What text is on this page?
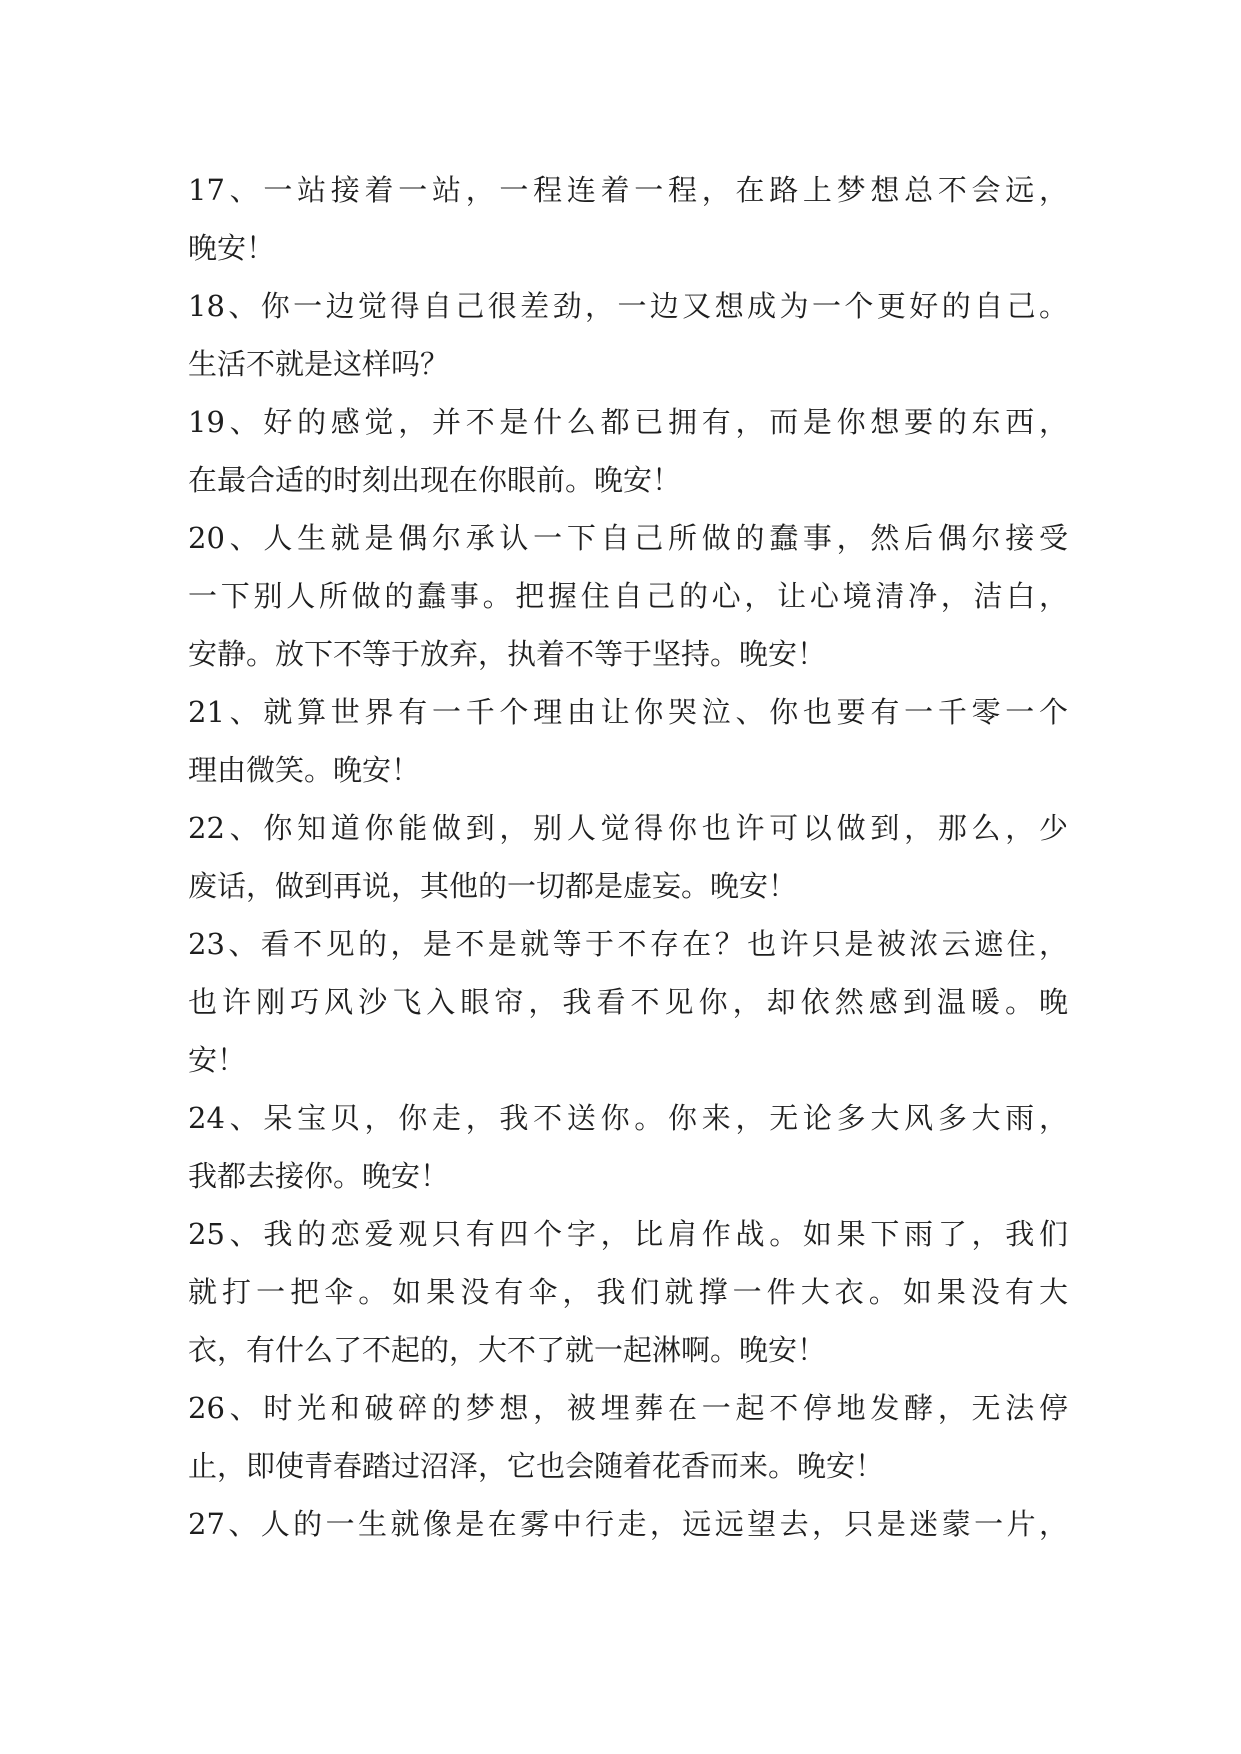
17、一站接着一站，一程连着一程，在路上梦想总不会远，
晚安！
18、你一边觉得自己很差劲，一边又想成为一个更好的自己。
生活不就是这样吗？
19、好的感觉，并不是什么都已拥有，而是你想要的东西，
在最合适的时刻出现在你眼前。晚安！
20、人生就是偶尔承认一下自己所做的蠢事，然后偶尔接受
一下别人所做的蠢事。把握住自己的心，让心境清净，洁白，
安静。放下不等于放弃，执着不等于坚持。晚安！
21、就算世界有一千个理由让你哭泣、你也要有一千零一个
理由微笑。晚安！
22、你知道你能做到，别人觉得你也许可以做到，那么，少
废话，做到再说，其他的一切都是虚妄。晚安！
23、看不见的，是不是就等于不存在？也许只是被浓云遮住，
也许刚巧风沙飞入眼帘，我看不见你，却依然感到温暖。晚
安！
24、呆宝贝，你走，我不送你。你来，无论多大风多大雨，
我都去接你。晚安！
25、我的恋爱观只有四个字，比肩作战。如果下雨了，我们
就打一把伞。如果没有伞，我们就撑一件大衣。如果没有大
衣，有什么了不起的，大不了就一起淋啊。晚安！
26、时光和破碎的梦想，被埋葬在一起不停地发酵，无法停
止，即使青春踏过沼泽，它也会随着花香而来。晚安！
27、人的一生就像是在雾中行走，远远望去，只是迷蒙一片，
